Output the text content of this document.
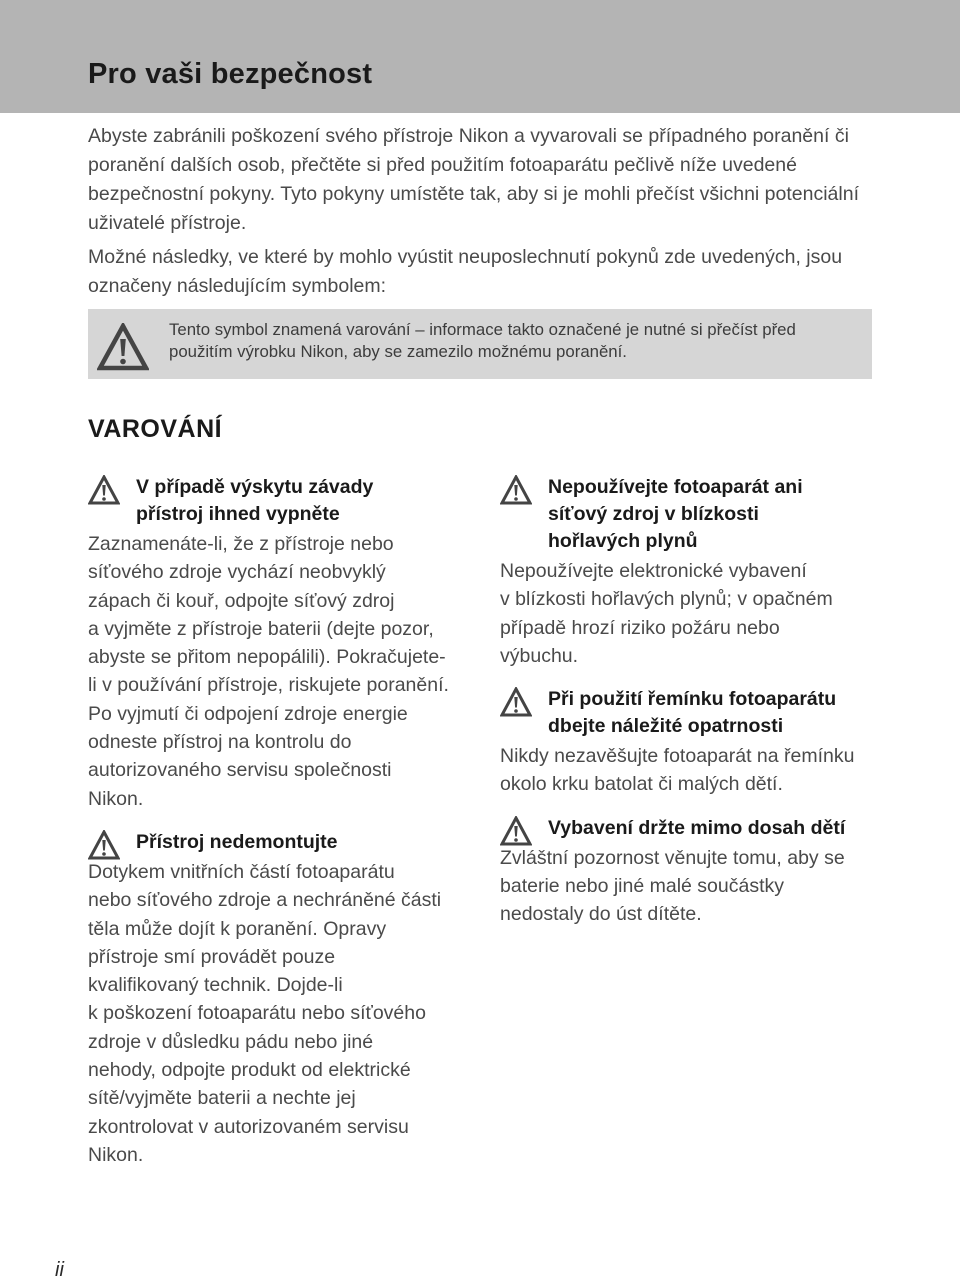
Pro vaši bezpečnost

Abyste zabránili poškození svého přístroje Nikon a vyvarovali se případného poranění či poranění dalších osob, přečtěte si před použitím fotoaparátu pečlivě níže uvedené bezpečnostní pokyny. Tyto pokyny umístěte tak, aby si je mohli přečíst všichni potenciální uživatelé přístroje.

Možné následky, ve které by mohlo vyústit neuposlechnutí pokynů zde uvedených, jsou označeny následujícím symbolem:

Tento symbol znamená varování – informace takto označené je nutné si přečíst před použitím výrobku Nikon, aby se zamezilo možnému poranění.
VAROVÁNÍ

V případě výskytu závady
přístroj ihned vypněte

Zaznamenáte-li, že z přístroje nebo
síťového zdroje vychází neobvyklý
zápach či kouř, odpojte síťový zdroj
a vyjměte z přístroje baterii (dejte pozor,
abyste se přitom nepopálili). Pokračujete-
li v používání přístroje, riskujete poranění.
Po vyjmutí či odpojení zdroje energie
odneste přístroj na kontrolu do
autorizovaného servisu společnosti
Nikon.

Přístroj nedemontujte

Dotykem vnitřních částí fotoaparátu
nebo síťového zdroje a nechráněné části
těla může dojít k poranění. Opravy
přístroje smí provádět pouze
kvalifikovaný technik. Dojde-li
k poškození fotoaparátu nebo síťového
zdroje v důsledku pádu nebo jiné
nehody, odpojte produkt od elektrické
sítě/vyjměte baterii a nechte jej
zkontrolovat v autorizovaném servisu
Nikon.

Nepoužívejte fotoaparát ani
síťový zdroj v blízkosti
hořlavých plynů

Nepoužívejte elektronické vybavení
v blízkosti hořlavých plynů; v opačném
případě hrozí riziko požáru nebo
výbuchu.

Při použití řemínku fotoaparátu
dbejte náležité opatrnosti

Nikdy nezavěšujte fotoaparát na řemínku
okolo krku batolat či malých dětí.

Vybavení držte mimo dosah dětí

Zvláštní pozornost věnujte tomu, aby se
baterie nebo jiné malé součástky
nedostaly do úst dítěte.

ii
